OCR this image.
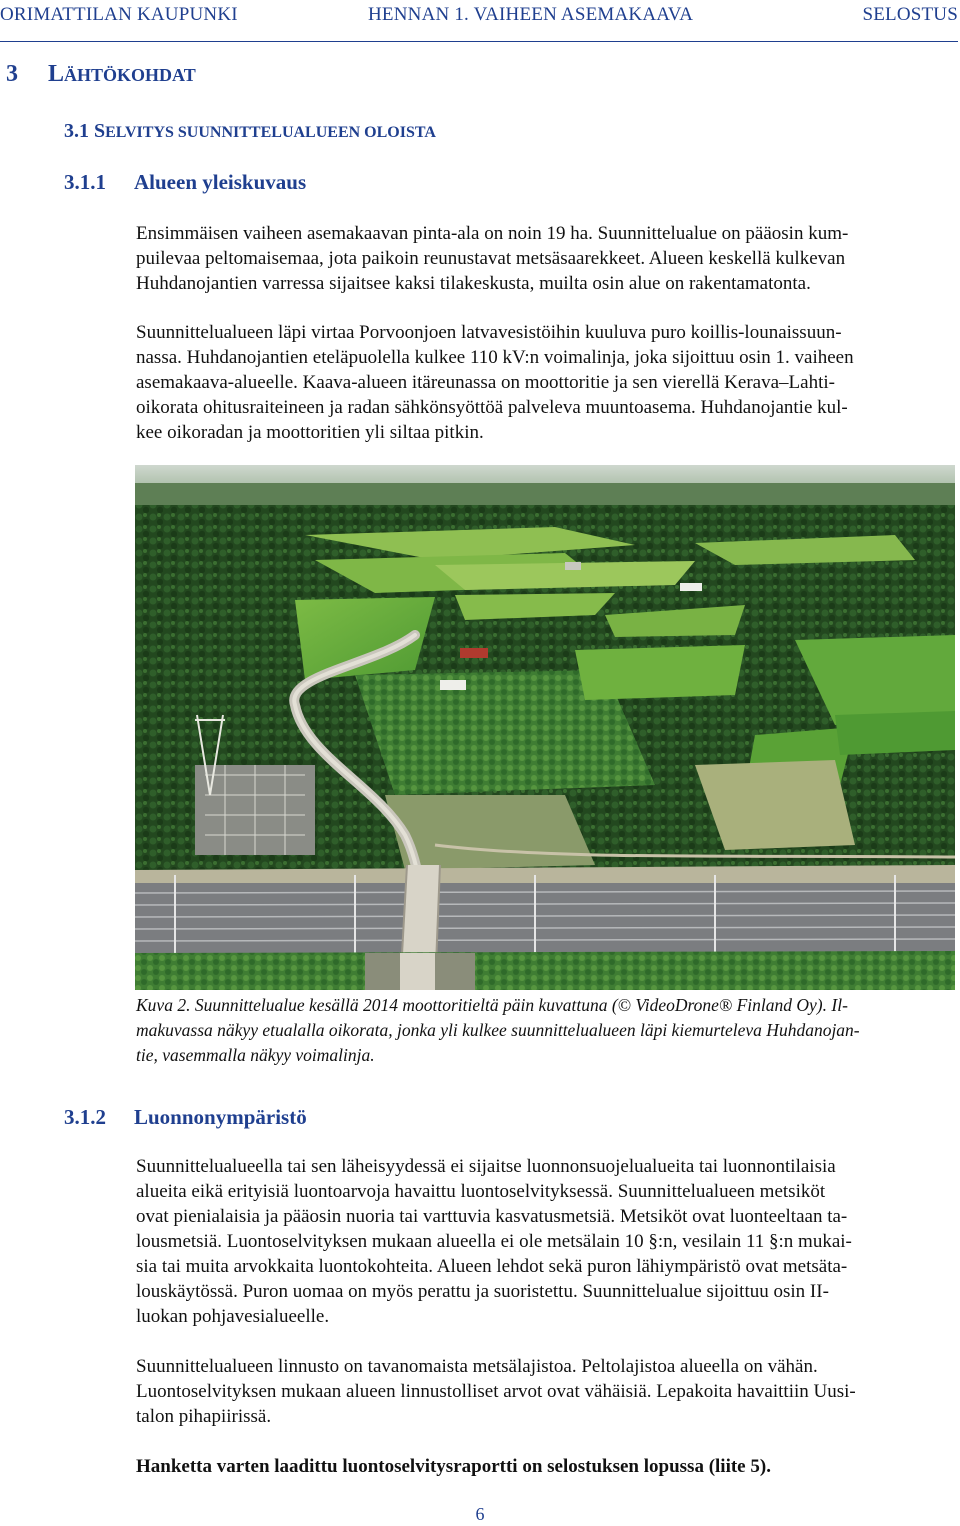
ORIMATTILAN KAUPUNKI	HENNAN 1. VAIHEEN ASEMAKAAVA	SELOSTUS
3 LÄHTÖKOHDAT
3.1 SELVITYS SUUNNITTELUALUEEN OLOISTA
3.1.1 Alueen yleiskuvaus

Ensimmäisen vaiheen asemakaavan pinta-ala on noin 19 ha. Suunnittelualue on pääosin kum-
puilevaa peltomaisemaa, jota paikoin reunustavat metsäsaarekkeet. Alueen keskellä kulkevan
Huhdanojantien varressa sijaitsee kaksi tilakeskusta, muilta osin alue on rakentamatonta.

Suunnittelualueen läpi virtaa Porvoonjoen latvavesistöihin kuuluva puro koillis-lounaissuun-
nassa. Huhdanojantien eteläpuolella kulkee 110 kV:n voimalinja, joka sijoittuu osin 1. vaiheen
asemakaava-alueelle. Kaava-alueen itäreunassa on moottoritie ja sen vierellä Kerava–Lahti-
oikorata ohitusraiteineen ja radan sähkönsyöttöä palveleva muuntoasema. Huhdanojantie kul-
kee oikoradan ja moottoritien yli siltaa pitkin.

Kuva 2. Suunnittelualue kesällä 2014 moottoritieltä päin kuvattuna (© VideoDrone® Finland Oy). Il-
makuvassa näkyy etualalla oikorata, jonka yli kulkee suunnittelualueen läpi kiemurteleva Huhdanojan-
tie, vasemmalla näkyy voimalinja.

3.1.2 Luonnonympäristö

Suunnittelualueella tai sen läheisyydessä ei sijaitse luonnonsuojelualueita tai luonnontilaisia
alueita eikä erityisiä luontoarvoja havaittu luontoselvityksessä. Suunnittelualueen metsiköt
ovat pienialaisia ja pääosin nuoria tai varttuvia kasvatusmetsiä. Metsiköt ovat luonteeltaan ta-
lousmetsiä. Luontoselvityksen mukaan alueella ei ole metsälain 10 §:n, vesilain 11 §:n mukai-
sia tai muita arvokkaita luontokohteita. Alueen lehdot sekä puron lähiympäristö ovat metsäta-
louskäytössä. Puron uomaa on myös perattu ja suoristettu. Suunnittelualue sijoittuu osin II-
luokan pohjavesialueelle.

Suunnittelualueen linnusto on tavanomaista metsälajistoa. Peltolajistoa alueella on vähän.
Luontoselvityksen mukaan alueen linnustolliset arvot ovat vähäisiä. Lepakoita havaittiin Uusi-
talon pihapiirissä.

Hanketta varten laadittu luontoselvitysraportti on selostuksen lopussa (liite 5).

6
